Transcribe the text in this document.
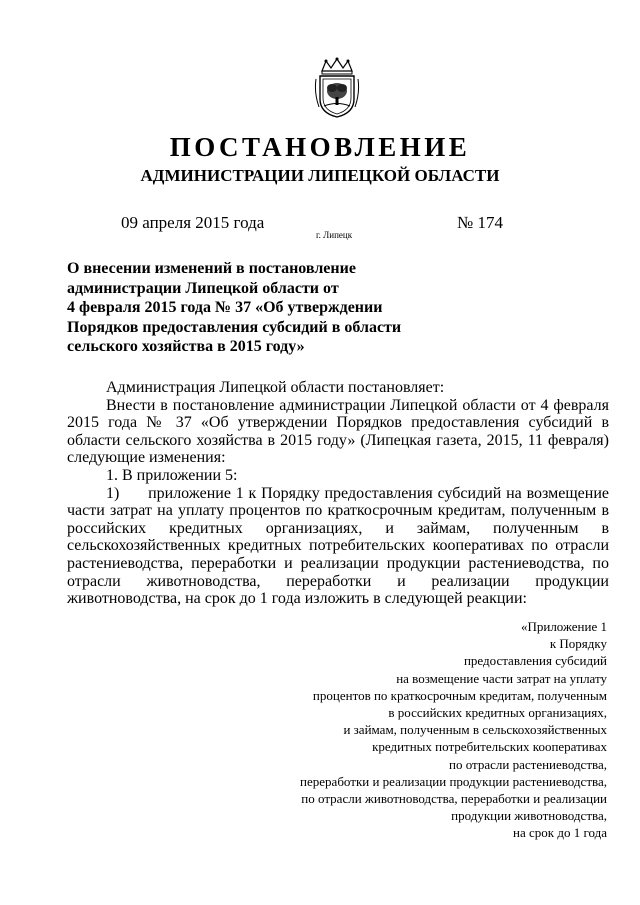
ПОСТАНОВЛЕНИЕ
АДМИНИСТРАЦИИ ЛИПЕЦКОЙ ОБЛАСТИ
09 апреля 2015 года
г. Липецк
№ 174
О внесении изменений в постановление
администрации Липецкой области от
4 февраля 2015 года № 37 «Об утверждении
Порядков предоставления субсидий в области
сельского хозяйства в 2015 году»

Администрация Липецкой области постановляет:

Внести в постановление администрации Липецкой области от 4 февраля 2015 года № 37 «Об утверждении Порядков предоставления субсидий в области сельского хозяйства в 2015 году» (Липецкая газета, 2015, 11 февраля) следующие изменения:

1. В приложении 5:

1)      приложение 1 к Порядку предоставления субсидий на возмещение части затрат на уплату процентов по краткосрочным кредитам, полученным в российских кредитных организациях, и займам, полученным в сельскохозяйственных кредитных потребительских кооперативах по отрасли растениеводства, переработки и реализации продукции растениеводства, по отрасли животноводства, переработки и реализации продукции животноводства, на срок до 1 года изложить в следующей реакции:

«Приложение 1
к Порядку
предоставления субсидий
на возмещение части затрат на уплату
процентов по краткосрочным кредитам, полученным
в российских кредитных организациях,
и займам, полученным в сельскохозяйственных
кредитных потребительских кооперативах
по отрасли растениеводства,
переработки и реализации продукции растениеводства,
по отрасли животноводства, переработки и реализации
продукции животноводства,
на срок до 1 года
